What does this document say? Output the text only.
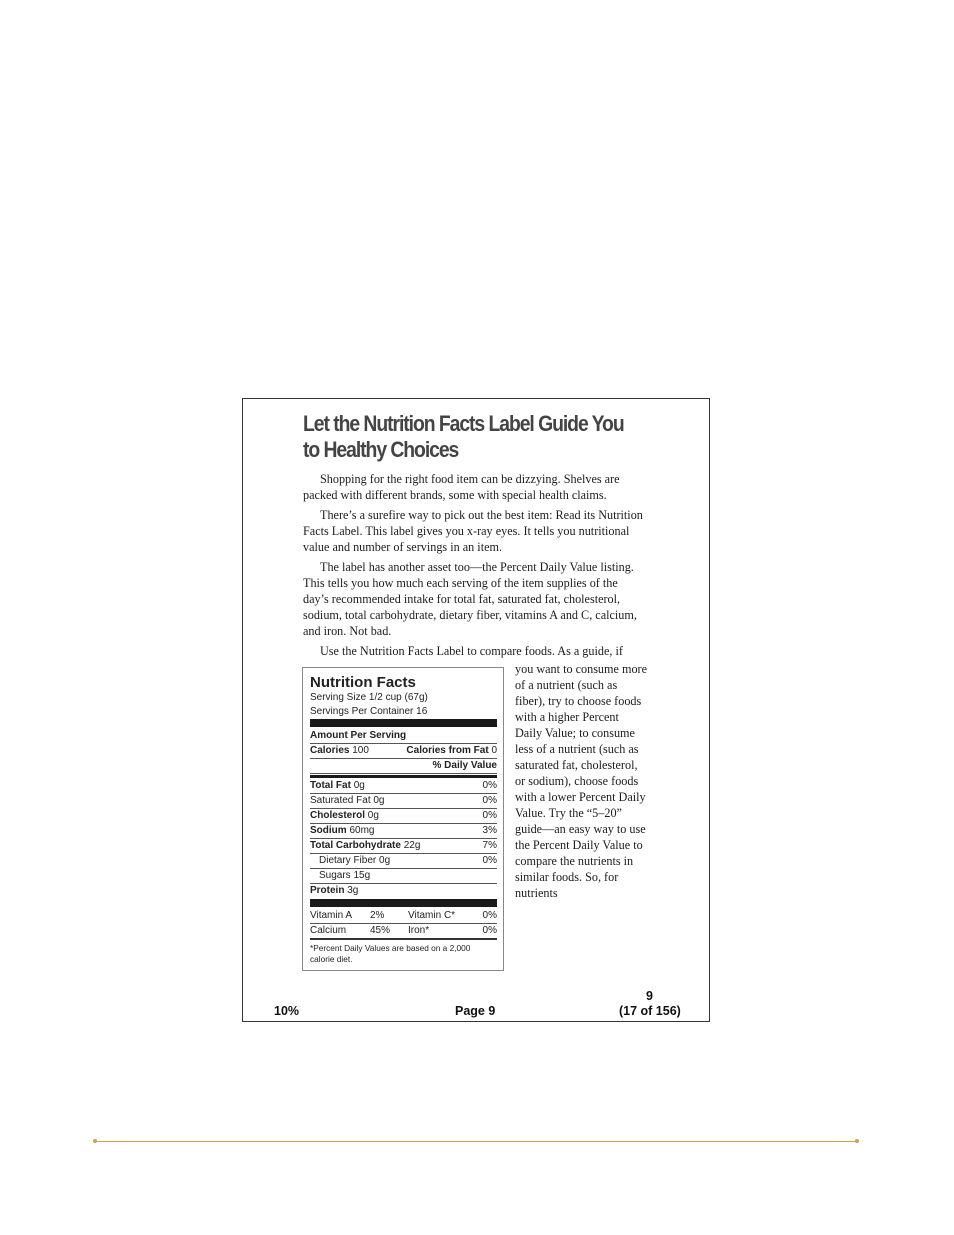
Let the Nutrition Facts Label Guide You to Healthy Choices

Shopping for the right food item can be dizzying. Shelves are packed with different brands, some with special health claims.

There’s a surefire way to pick out the best item: Read its Nutrition Facts Label. This label gives you x-ray eyes. It tells you nutritional value and number of servings in an item.

The label has another asset too—the Percent Daily Value listing. This tells you how much each serving of the item supplies of the day’s recommended intake for total fat, saturated fat, cholesterol, sodium, total carbohydrate, dietary fiber, vitamins A and C, calcium, and iron. Not bad.

Use the Nutrition Facts Label to compare foods. As a guide, if

you want to consume more of a nutrient (such as fiber), try to choose foods with a higher Percent Daily Value; to consume less of a nutrient (such as saturated fat, cholesterol, or sodium), choose foods with a lower Percent Daily Value. Try the “5–20” guide—an easy way to use the Percent Daily Value to compare the nutrients in similar foods. So, for nutrients
Nutrition Facts
Serving Size 1/2 cup (67g)
Servings Per Container 16
Amount Per Serving
Calories 100	Calories from Fat 0
% Daily Value
Total Fat 0g	0%
Saturated Fat 0g	0%
Cholesterol 0g	0%
Sodium 60mg	3%
Total Carbohydrate 22g	7%
Dietary Fiber 0g	0%
Sugars 15g
Protein 3g
Vitamin A	2%	Vitamin C*	0%
Calcium	45%	Iron*	0%
*Percent Daily Values are based on a 2,000 calorie diet.
9
10%	Page 9	(17 of 156)
